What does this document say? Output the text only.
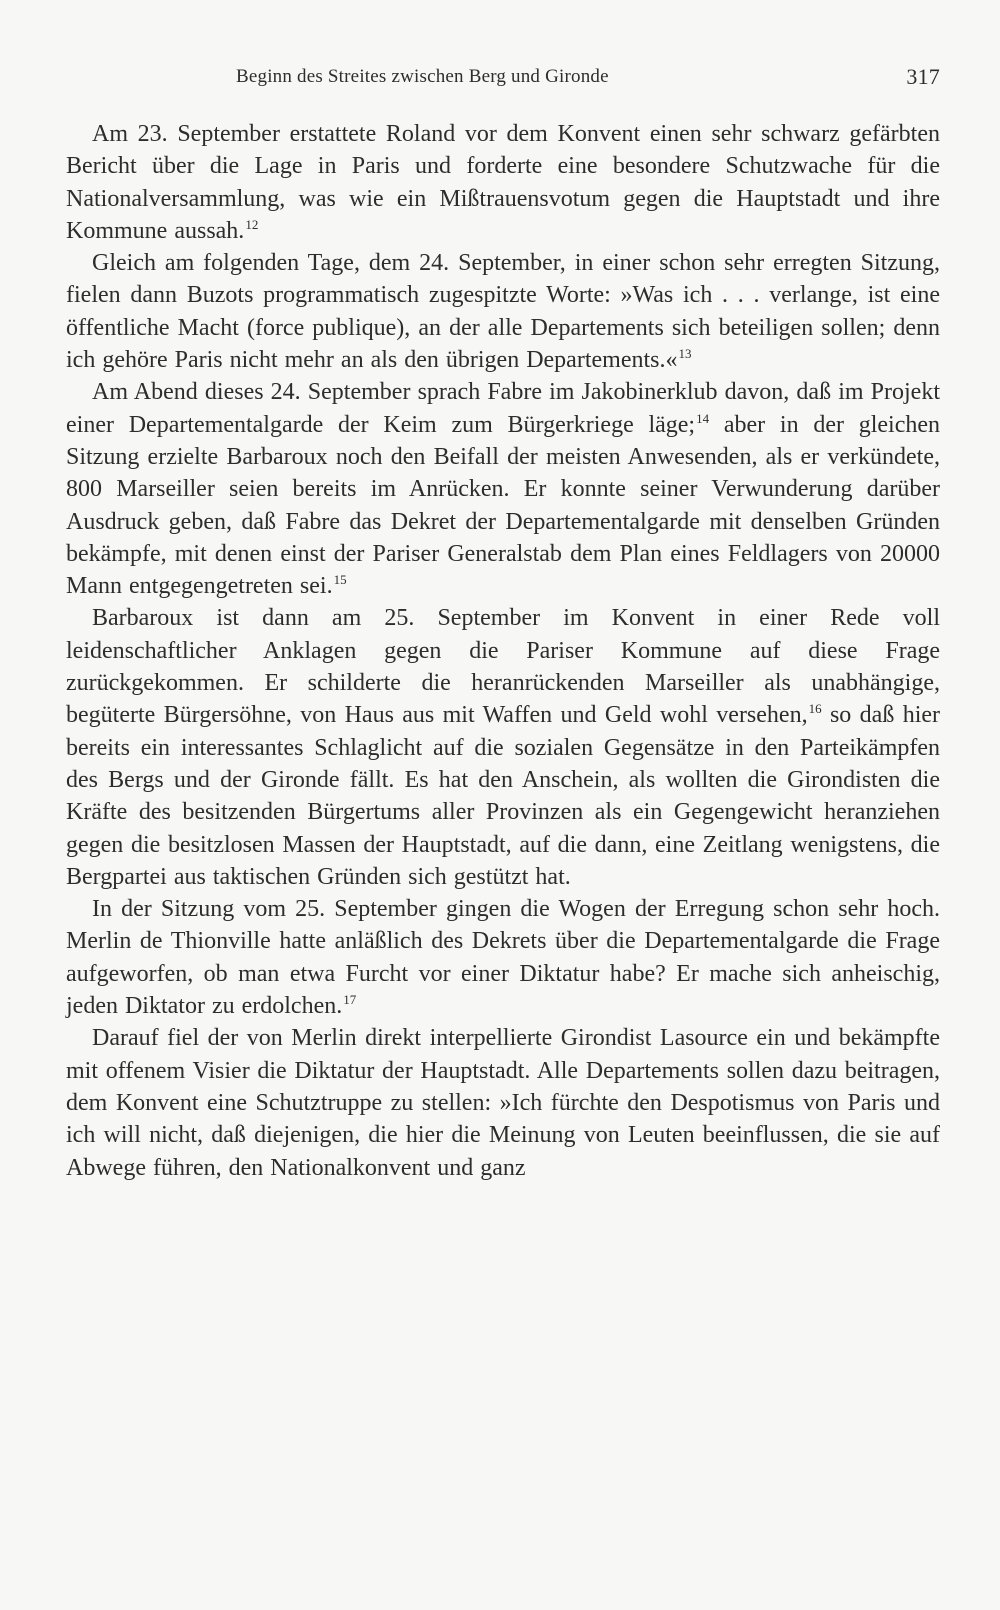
Beginn des Streites zwischen Berg und Gironde	317

Am 23. September erstattete Roland vor dem Konvent einen sehr schwarz gefärbten Bericht über die Lage in Paris und forderte eine besondere Schutzwache für die Nationalversammlung, was wie ein Mißtrauensvotum gegen die Hauptstadt und ihre Kommune aussah.$^{12}$

Gleich am folgenden Tage, dem 24. September, in einer schon sehr erregten Sitzung, fielen dann Buzots programmatisch zugespitzte Worte: »Was ich . . . verlange, ist eine öffentliche Macht (force publique), an der alle Departements sich beteiligen sollen; denn ich gehöre Paris nicht mehr an als den übrigen Departements.«$^{13}$

Am Abend dieses 24. September sprach Fabre im Jakobinerklub davon, daß im Projekt einer Departementalgarde der Keim zum Bürgerkriege läge;$^{14}$ aber in der gleichen Sitzung erzielte Barbaroux noch den Beifall der meisten Anwesenden, als er verkündete, 800 Marseiller seien bereits im Anrücken. Er konnte seiner Verwunderung darüber Ausdruck geben, daß Fabre das Dekret der Departementalgarde mit denselben Gründen bekämpfe, mit denen einst der Pariser Generalstab dem Plan eines Feldlagers von 20000 Mann entgegengetreten sei.$^{15}$

Barbaroux ist dann am 25. September im Konvent in einer Rede voll leidenschaftlicher Anklagen gegen die Pariser Kommune auf diese Frage zurückgekommen. Er schilderte die heranrückenden Marseiller als unabhängige, begüterte Bürgersöhne, von Haus aus mit Waffen und Geld wohl versehen,$^{16}$ so daß hier bereits ein interessantes Schlaglicht auf die sozialen Gegensätze in den Parteikämpfen des Bergs und der Gironde fällt. Es hat den Anschein, als wollten die Girondisten die Kräfte des besitzenden Bürgertums aller Provinzen als ein Gegengewicht heranziehen gegen die besitzlosen Massen der Hauptstadt, auf die dann, eine Zeitlang wenigstens, die Bergpartei aus taktischen Gründen sich gestützt hat.

In der Sitzung vom 25. September gingen die Wogen der Erregung schon sehr hoch. Merlin de Thionville hatte anläßlich des Dekrets über die Departementalgarde die Frage aufgeworfen, ob man etwa Furcht vor einer Diktatur habe? Er mache sich anheischig, jeden Diktator zu erdolchen.$^{17}$

Darauf fiel der von Merlin direkt interpellierte Girondist Lasource ein und bekämpfte mit offenem Visier die Diktatur der Hauptstadt. Alle Departements sollen dazu beitragen, dem Konvent eine Schutztruppe zu stellen: »Ich fürchte den Despotismus von Paris und ich will nicht, daß diejenigen, die hier die Meinung von Leuten beeinflussen, die sie auf Abwege führen, den Nationalkonvent und ganz
